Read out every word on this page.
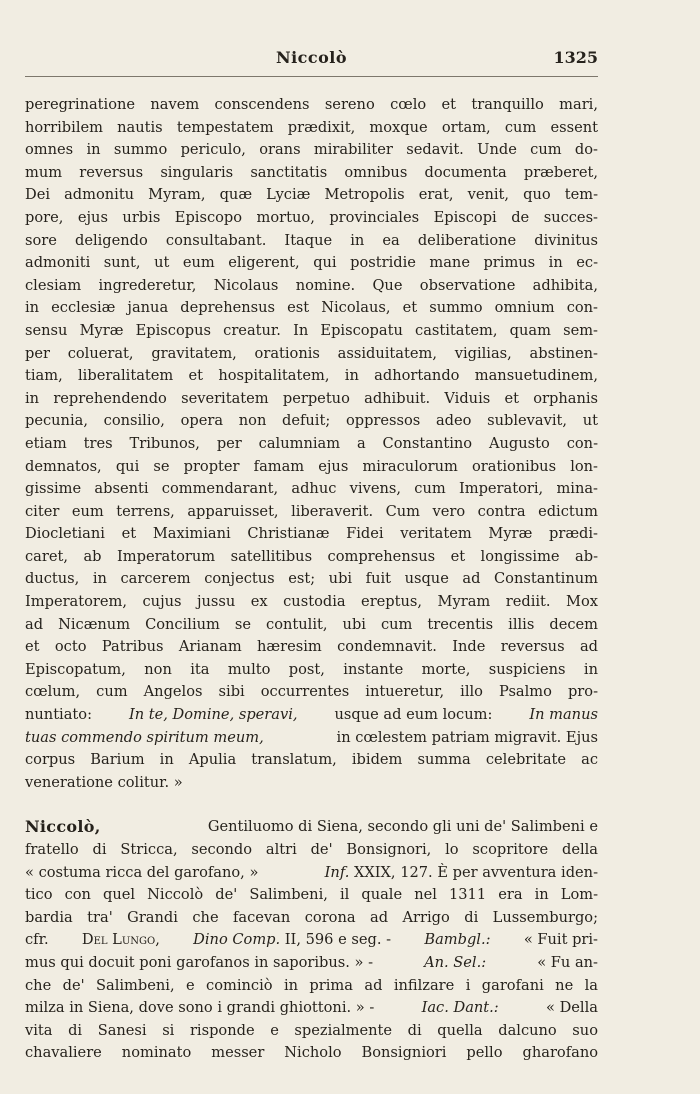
Niccolò	1325
peregrinatione navem conscendens sereno cœlo et tranquillo mari,
horribilem nautis tempestatem prædixit, moxque ortam, cum essent
omnes in summo periculo, orans mirabiliter sedavit. Unde cum do-
mum reversus singularis sanctitatis omnibus documenta præberet,
Dei admonitu Myram, quæ Lyciæ Metropolis erat, venit, quo tem-
pore, ejus urbis Episcopo mortuo, provinciales Episcopi de succes-
sore deligendo consultabant. Itaque in ea deliberatione divinitus
admoniti sunt, ut eum eligerent, qui postridie mane primus in ec-
clesiam ingrederetur, Nicolaus nomine. Que observatione adhibita,
in ecclesiæ janua deprehensus est Nicolaus, et summo omnium con-
sensu Myræ Episcopus creatur. In Episcopatu castitatem, quam sem-
per coluerat, gravitatem, orationis assiduitatem, vigilias, abstinen-
tiam, liberalitatem et hospitalitatem, in adhortando mansuetudinem,
in reprehendendo severitatem perpetuo adhibuit. Viduis et orphanis
pecunia, consilio, opera non defuit; oppressos adeo sublevavit, ut
etiam tres Tribunos, per calumniam a Constantino Augusto con-
demnatos, qui se propter famam ejus miraculorum orationibus lon-
gissime absenti commendarant, adhuc vivens, cum Imperatori, mina-
citer eum terrens, apparuisset, liberaverit. Cum vero contra edictum
Diocletiani et Maximiani Christianæ Fidei veritatem Myræ prædi-
caret, ab Imperatorum satellitibus comprehensus et longissime ab-
ductus, in carcerem conjectus est; ubi fuit usque ad Constantinum
Imperatorem, cujus jussu ex custodia ereptus, Myram rediit. Mox
ad Nicænum Concilium se contulit, ubi cum trecentis illis decem
et octo Patribus Arianam hæresim condemnavit. Inde reversus ad
Episcopatum, non ita multo post, instante morte, suspiciens in
cœlum, cum Angelos sibi occurrentes intueretur, illo Psalmo pro-
nuntiato:	In te, Domine, speravi,	usque ad eum locum:	In manus
tuas commendo spiritum meum,	in cœlestem patriam migravit. Ejus
corpus Barium in Apulia translatum, ibidem summa celebritate ac
veneratione colitur. »
Niccolò,	Gentiluomo di Siena, secondo gli uni de' Salimbeni e
fratello di Stricca, secondo altri de' Bonsignori, lo scopritore della
« costuma ricca del garofano, »	Inf. XXIX, 127. È per avventura iden-
tico con quel Niccolò de' Salimbeni, il quale nel 1311 era in Lom-
bardia tra' Grandi che facevan corona ad Arrigo di Lussemburgo;
cfr. Del Lungo, Dino Comp. II, 596 e seg. - Bambgl.: « Fuit pri-
mus qui docuit poni garofanos in saporibus. » -	An. Sel.:	« Fu an-
che de' Salimbeni, e cominciò in prima ad infilzare i garofani ne la
milza in Siena, dove sono i grandi ghiottoni. » -	Iac. Dant.:	« Della
vita di Sanesi si risponde e spezialmente di quella dalcuno suo
chavaliere nominato messer Nicholo Bonsigniori pello gharofano
